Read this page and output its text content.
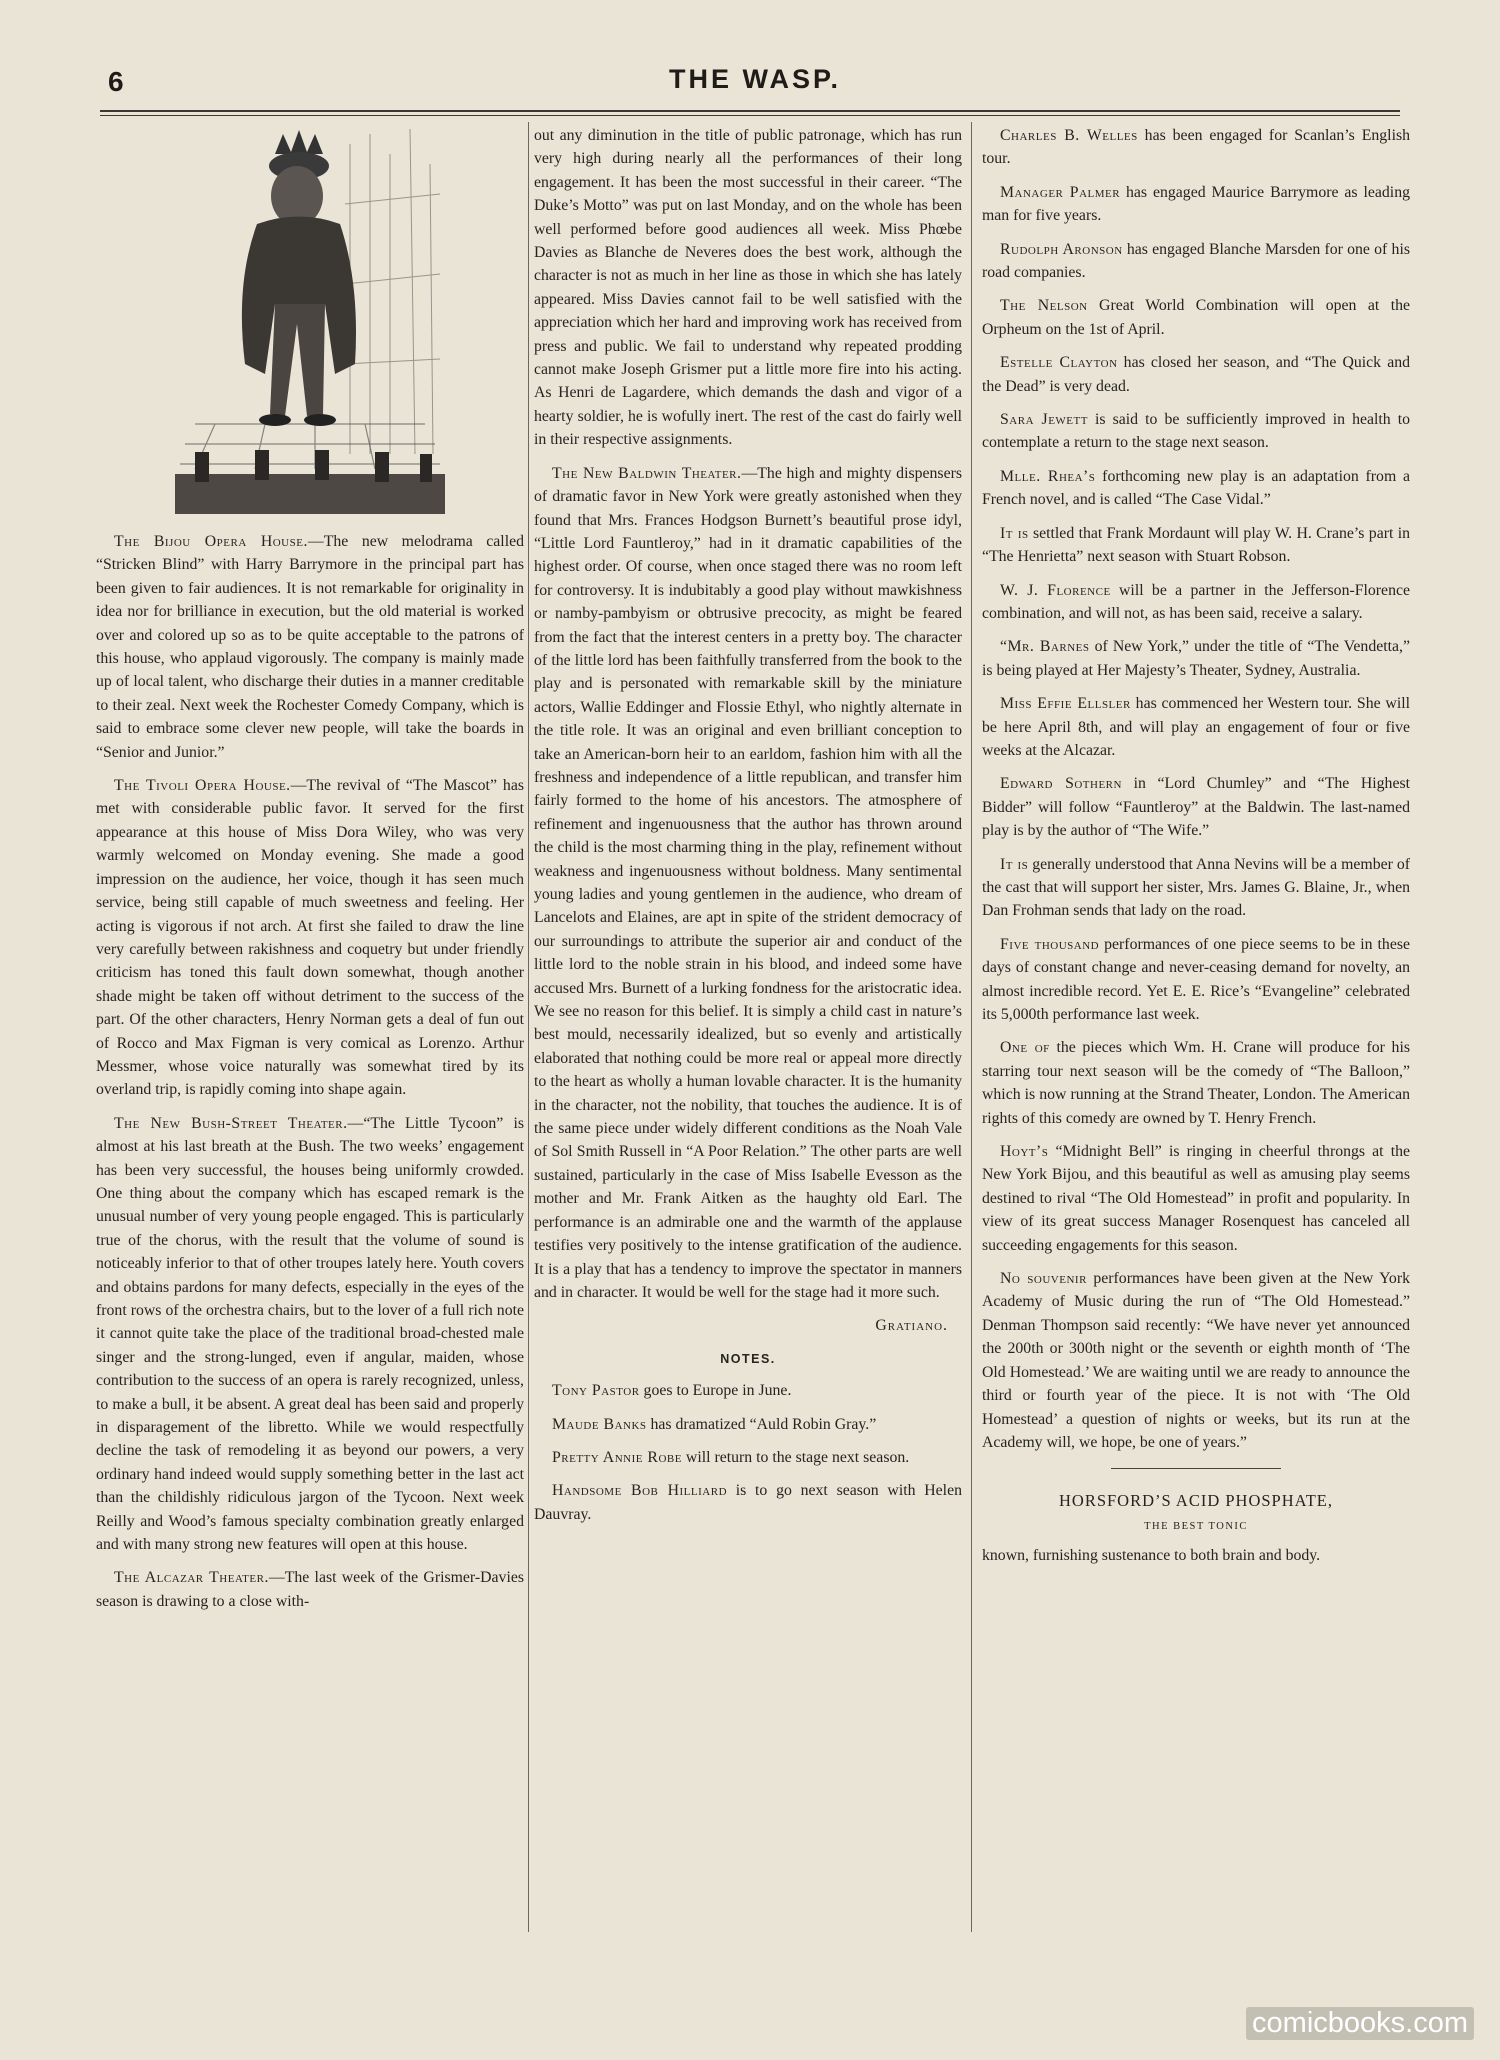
6	THE WASP.

The Bijou Opera House.—The new melodrama called “Stricken Blind” with Harry Barrymore in the principal part has been given to fair audiences. It is not remarkable for originality in idea nor for brilliance in execution, but the old material is worked over and colored up so as to be quite acceptable to the patrons of this house, who applaud vigorously. The company is mainly made up of local talent, who discharge their duties in a manner creditable to their zeal. Next week the Rochester Comedy Company, which is said to embrace some clever new people, will take the boards in “Senior and Junior.”

The Tivoli Opera House.—The revival of “The Mascot” has met with considerable public favor. It served for the first appearance at this house of Miss Dora Wiley, who was very warmly welcomed on Monday evening. She made a good impression on the audience, her voice, though it has seen much service, being still capable of much sweetness and feeling. Her acting is vigorous if not arch. At first she failed to draw the line very carefully between rakishness and coquetry but under friendly criticism has toned this fault down somewhat, though another shade might be taken off without detriment to the success of the part. Of the other characters, Henry Norman gets a deal of fun out of Rocco and Max Figman is very comical as Lorenzo. Arthur Messmer, whose voice naturally was somewhat tired by its overland trip, is rapidly coming into shape again.

The New Bush-Street Theater.—“The Little Tycoon” is almost at his last breath at the Bush. The two weeks’ engagement has been very successful, the houses being uniformly crowded. One thing about the company which has escaped remark is the unusual number of very young people engaged. This is particularly true of the chorus, with the result that the volume of sound is noticeably inferior to that of other troupes lately here. Youth covers and obtains pardons for many defects, especially in the eyes of the front rows of the orchestra chairs, but to the lover of a full rich note it cannot quite take the place of the traditional broad-chested male singer and the strong-lunged, even if angular, maiden, whose contribution to the success of an opera is rarely recognized, unless, to make a bull, it be absent. A great deal has been said and properly in disparagement of the libretto. While we would respectfully decline the task of remodeling it as beyond our powers, a very ordinary hand indeed would supply something better in the last act than the childishly ridiculous jargon of the Tycoon. Next week Reilly and Wood’s famous specialty combination greatly enlarged and with many strong new features will open at this house.

The Alcazar Theater.—The last week of the Grismer-Davies season is drawing to a close with-

out any diminution in the title of public patronage, which has run very high during nearly all the performances of their long engagement. It has been the most successful in their career. “The Duke’s Motto” was put on last Monday, and on the whole has been well performed before good audiences all week. Miss Phœbe Davies as Blanche de Neveres does the best work, although the character is not as much in her line as those in which she has lately appeared. Miss Davies cannot fail to be well satisfied with the appreciation which her hard and improving work has received from press and public. We fail to understand why repeated prodding cannot make Joseph Grismer put a little more fire into his acting. As Henri de Lagardere, which demands the dash and vigor of a hearty soldier, he is wofully inert. The rest of the cast do fairly well in their respective assignments.

The New Baldwin Theater.—The high and mighty dispensers of dramatic favor in New York were greatly astonished when they found that Mrs. Frances Hodgson Burnett’s beautiful prose idyl, “Little Lord Fauntleroy,” had in it dramatic capabilities of the highest order. Of course, when once staged there was no room left for controversy. It is indubitably a good play without mawkishness or namby-pambyism or obtrusive precocity, as might be feared from the fact that the interest centers in a pretty boy. The character of the little lord has been faithfully transferred from the book to the play and is personated with remarkable skill by the miniature actors, Wallie Eddinger and Flossie Ethyl, who nightly alternate in the title role. It was an original and even brilliant conception to take an American-born heir to an earldom, fashion him with all the freshness and independence of a little republican, and transfer him fairly formed to the home of his ancestors. The atmosphere of refinement and ingenuousness that the author has thrown around the child is the most charming thing in the play, refinement without weakness and ingenuousness without boldness. Many sentimental young ladies and young gentlemen in the audience, who dream of Lancelots and Elaines, are apt in spite of the strident democracy of our surroundings to attribute the superior air and conduct of the little lord to the noble strain in his blood, and indeed some have accused Mrs. Burnett of a lurking fondness for the aristocratic idea. We see no reason for this belief. It is simply a child cast in nature’s best mould, necessarily idealized, but so evenly and artistically elaborated that nothing could be more real or appeal more directly to the heart as wholly a human lovable character. It is the humanity in the character, not the nobility, that touches the audience. It is of the same piece under widely different conditions as the Noah Vale of Sol Smith Russell in “A Poor Relation.” The other parts are well sustained, particularly in the case of Miss Isabelle Evesson as the mother and Mr. Frank Aitken as the haughty old Earl. The performance is an admirable one and the warmth of the applause testifies very positively to the intense gratification of the audience. It is a play that has a tendency to improve the spectator in manners and in character. It would be well for the stage had it more such.

Gratiano.

NOTES.

Tony Pastor goes to Europe in June.

Maude Banks has dramatized “Auld Robin Gray.”

Pretty Annie Robe will return to the stage next season.

Handsome Bob Hilliard is to go next season with Helen Dauvray.

Charles B. Welles has been engaged for Scanlan’s English tour.

Manager Palmer has engaged Maurice Barrymore as leading man for five years.

Rudolph Aronson has engaged Blanche Marsden for one of his road companies.

The Nelson Great World Combination will open at the Orpheum on the 1st of April.

Estelle Clayton has closed her season, and “The Quick and the Dead” is very dead.

Sara Jewett is said to be sufficiently improved in health to contemplate a return to the stage next season.

Mlle. Rhea’s forthcoming new play is an adaptation from a French novel, and is called “The Case Vidal.”

It is settled that Frank Mordaunt will play W. H. Crane’s part in “The Henrietta” next season with Stuart Robson.

W. J. Florence will be a partner in the Jefferson-Florence combination, and will not, as has been said, receive a salary.

“Mr. Barnes of New York,” under the title of “The Vendetta,” is being played at Her Majesty’s Theater, Sydney, Australia.

Miss Effie Ellsler has commenced her Western tour. She will be here April 8th, and will play an engagement of four or five weeks at the Alcazar.

Edward Sothern in “Lord Chumley” and “The Highest Bidder” will follow “Fauntleroy” at the Baldwin. The last-named play is by the author of “The Wife.”

It is generally understood that Anna Nevins will be a member of the cast that will support her sister, Mrs. James G. Blaine, Jr., when Dan Frohman sends that lady on the road.

Five thousand performances of one piece seems to be in these days of constant change and never-ceasing demand for novelty, an almost incredible record. Yet E. E. Rice’s “Evangeline” celebrated its 5,000th performance last week.

One of the pieces which Wm. H. Crane will produce for his starring tour next season will be the comedy of “The Balloon,” which is now running at the Strand Theater, London. The American rights of this comedy are owned by T. Henry French.

Hoyt’s “Midnight Bell” is ringing in cheerful throngs at the New York Bijou, and this beautiful as well as amusing play seems destined to rival “The Old Homestead” in profit and popularity. In view of its great success Manager Rosenquest has canceled all succeeding engagements for this season.

No souvenir performances have been given at the New York Academy of Music during the run of “The Old Homestead.” Denman Thompson said recently: “We have never yet announced the 200th or 300th night or the seventh or eighth month of ‘The Old Homestead.’ We are waiting until we are ready to announce the third or fourth year of the piece. It is not with ‘The Old Homestead’ a question of nights or weeks, but its run at the Academy will, we hope, be one of years.”

HORSFORD’S ACID PHOSPHATE,
THE BEST TONIC

known, furnishing sustenance to both brain and body.

comicbooks.com
